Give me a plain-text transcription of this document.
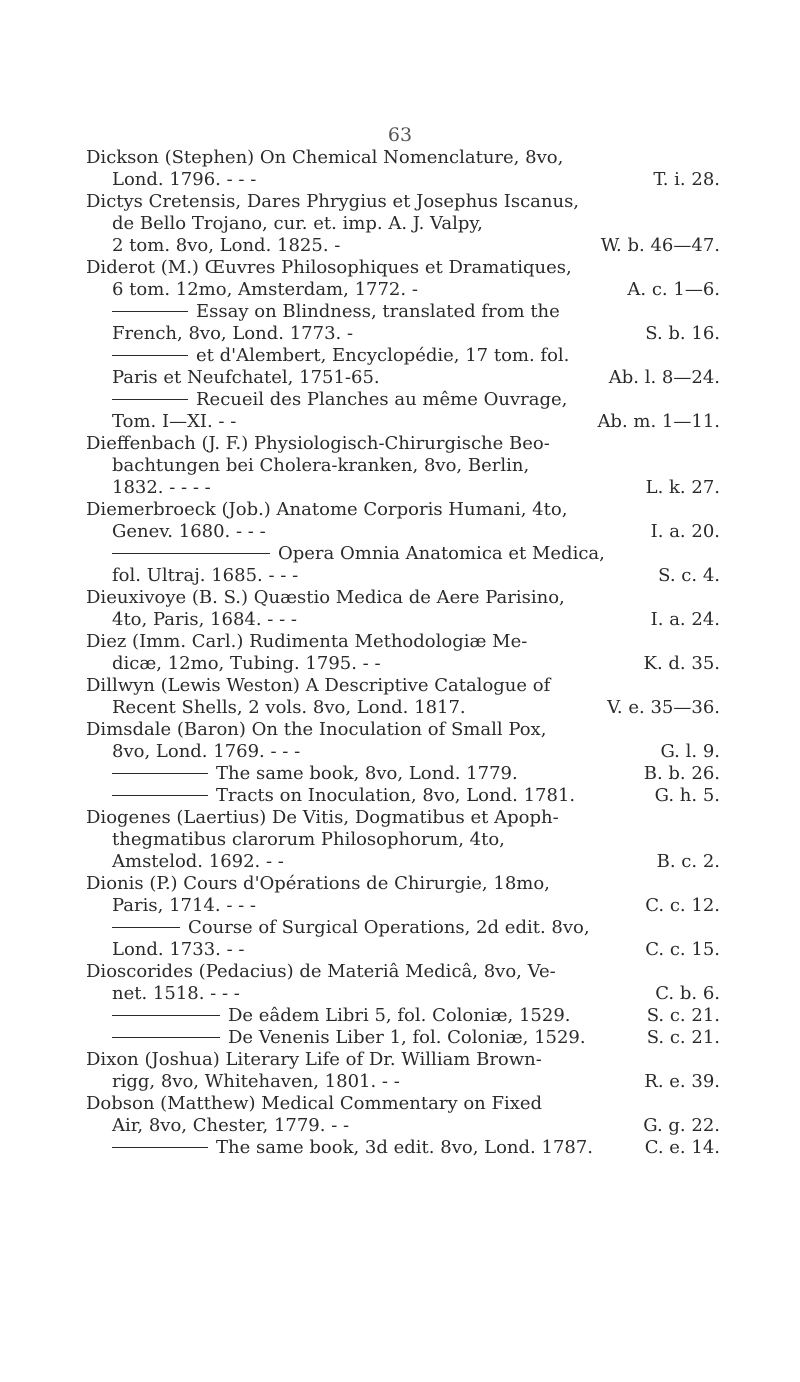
63
Dickson (Stephen) On Chemical Nomenclature, 8vo,
Lond. 1796. - - -	T. i. 28.
Dictys Cretensis, Dares Phrygius et Josephus Iscanus,
de Bello Trojano, cur. et. imp. A. J. Valpy,
2 tom. 8vo, Lond. 1825. -	W. b. 46—47.
Diderot (M.) Œuvres Philosophiques et Dramatiques,
6 tom. 12mo, Amsterdam, 1772. -	A. c. 1—6.
Essay on Blindness, translated from the
French, 8vo, Lond. 1773. -	S. b. 16.
et d'Alembert, Encyclopédie, 17 tom. fol.
Paris et Neufchatel, 1751-65.	Ab. l. 8—24.
Recueil des Planches au même Ouvrage,
Tom. I—XI. - -	Ab. m. 1—11.
Dieffenbach (J. F.) Physiologisch-Chirurgische Beo-
bachtungen bei Cholera-kranken, 8vo, Berlin,
1832. - - - -	L. k. 27.
Diemerbroeck (Job.) Anatome Corporis Humani, 4to,
Genev. 1680. - - -	I. a. 20.
Opera Omnia Anatomica et Medica,
fol. Ultraj. 1685. - - -	S. c. 4.
Dieuxivoye (B. S.) Quæstio Medica de Aere Parisino,
4to, Paris, 1684. - - -	I. a. 24.
Diez (Imm. Carl.) Rudimenta Methodologiæ Me-
dicæ, 12mo, Tubing. 1795. - -	K. d. 35.
Dillwyn (Lewis Weston) A Descriptive Catalogue of
Recent Shells, 2 vols. 8vo, Lond. 1817.	V. e. 35—36.
Dimsdale (Baron) On the Inoculation of Small Pox,
8vo, Lond. 1769. - - -	G. l. 9.
The same book, 8vo, Lond. 1779.	B. b. 26.
Tracts on Inoculation, 8vo, Lond. 1781.	G. h. 5.
Diogenes (Laertius) De Vitis, Dogmatibus et Apoph-
thegmatibus clarorum Philosophorum, 4to,
Amstelod. 1692. - -	B. c. 2.
Dionis (P.) Cours d'Opérations de Chirurgie, 18mo,
Paris, 1714. - - -	C. c. 12.
Course of Surgical Operations, 2d edit. 8vo,
Lond. 1733. - -	C. c. 15.
Dioscorides (Pedacius) de Materiâ Medicâ, 8vo, Ve-
net. 1518. - - -	C. b. 6.
De eâdem Libri 5, fol. Coloniæ, 1529.	S. c. 21.
De Venenis Liber 1, fol. Coloniæ, 1529.	S. c. 21.
Dixon (Joshua) Literary Life of Dr. William Brown-
rigg, 8vo, Whitehaven, 1801. - -	R. e. 39.
Dobson (Matthew) Medical Commentary on Fixed
Air, 8vo, Chester, 1779. - -	G. g. 22.
The same book, 3d edit. 8vo, Lond. 1787.	C. e. 14.
